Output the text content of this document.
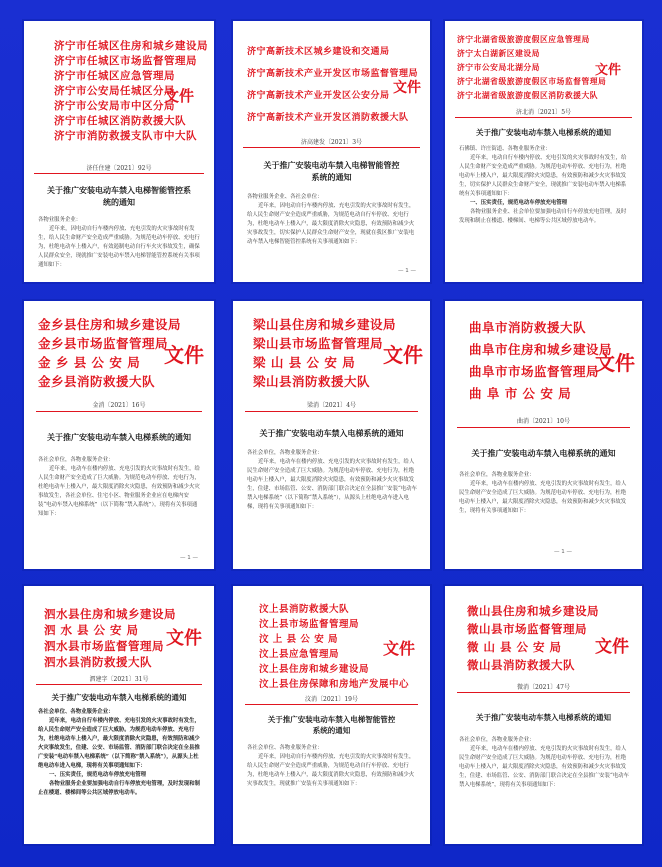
济宁市任城区住房和城乡建设局
济宁市任城区市场监督管理局
济宁市任城区应急管理局
济宁市公安局任城区分局
济宁市公安局市中区分局
济宁市任城区消防救援大队
济宁市消防救援支队市中大队
文件
济任住建〔2021〕92号
关于推广安装电动车禁入电梯智能管控系
统的通知

各物业服务企业：

近年来，因电动自行车楼内停放、充电引发的火灾事故时有发生，给人民生命财产安全造成严重威胁。为规范电动车停放、充电行为，杜绝电动车上楼入户，有效遏制电动自行车火灾事故发生，确保人民群众安全，现就推广安装电动车禁入电梯智能管控系统有关事项通知如下：

济宁高新技术区城乡建设和交通局
济宁高新技术产业开发区市场监督管理局
济宁高新技术产业开发区公安分局
济宁高新技术产业开发区消防救援大队
文件
济高建发〔2021〕3号
关于推广安装电动车禁入电梯智能管控
系统的通知

各物业服务企业、各社会单位：

近年来，因电动自行车楼内停放、充电引发的火灾事故时有发生，给人民生命财产安全造成严重威胁，为规范电动自行车停放、充电行为，杜绝电动车上楼入户，最大限度消除火灾隐患，有效预防和减少火灾事故发生，切实保护人民群众生命财产安全，现就在我区推广安装电动车禁入电梯智能管控系统有关事项通知如下：

— 1 —
济宁北湖省级旅游度假区应急管理局
济宁太白湖新区建设局
济宁市公安局北湖分局
济宁北湖省级旅游度假区市场监督管理局
济宁北湖省级旅游度假区消防救援大队
文件
济北消〔2021〕5号
关于推广安装电动车禁入电梯系统的通知

石佛镇、许庄街道、各物业服务企业：

近年来，电动自行车楼内停放、充电引发的火灾事故时有发生，给人民生命财产安全造成严重威胁。为规范电动车停放、充电行为，杜绝电动车上楼入户，最大限度消除火灾隐患，有效预防和减少火灾事故发生，切实保护人民群众生命财产安全，现就推广安装电动车禁入电梯系统有关事项通知如下：

一、压实责任，规范电动车停放充电管理

各物业服务企业、社会单位要加强电动自行车停放充电管理，及时发现和制止在楼道、楼梯间、电梯等公共区域停放电动车。

金乡县住房和城乡建设局
金乡县市场监督管理局
金 乡 县 公 安 局
金乡县消防救援大队
文件
金消〔2021〕16号
关于推广安装电动车禁入电梯系统的通知

各社会单位，各物业服务企业：

近年来，电动车在楼内停放、充电引发的火灾事故时有发生，给人民生命财产安全造成了巨大威胁。为规范电动车停放、充电行为，杜绝电动车上楼入户，最大限度消除火灾隐患，有效预防和减少火灾事故发生，各社会单位、住宅小区、物业服务企业应在电梯内安装“电动车禁入电梯系统”（以下简称“禁入系统”），现将有关事项通知如下：

— 1 —
梁山县住房和城乡建设局
梁山县市场监督管理局
梁 山 县 公 安 局
梁山县消防救援大队
文件
梁消〔2021〕4号
关于推广安装电动车禁入电梯系统的通知

各社会单位，各物业服务企业：

近年来，电动车在楼内停放、充电引发的火灾事故时有发生，给人民生命财产安全造成了巨大威胁。为规范电动车停放、充电行为，杜绝电动车上楼入户，最大限度消除火灾隐患，有效预防和减少火灾事故发生，住建、市场监管、公安、消防部门联合决定在全县推广安装“电动车禁入电梯系统”（以下简称“禁入系统”），从源头上杜绝电动车进入电梯，现将有关事项通知如下：

曲阜市消防救援大队
曲阜市住房和城乡建设局
曲阜市市场监督管理局
曲 阜 市 公 安 局
文件
曲消〔2021〕10号
关于推广安装电动车禁入电梯系统的通知

各社会单位，各物业服务企业：

近年来，电动车在楼内停放、充电引发的火灾事故时有发生，给人民生命财产安全造成了巨大威胁。为规范电动车停放、充电行为，杜绝电动车上楼入户，最大限度消除火灾隐患，有效预防和减少火灾事故发生，现将有关事项通知如下：

— 1 —
泗水县住房和城乡建设局
泗 水 县 公 安 局
泗水县市场监督管理局
泗水县消防救援大队
文件
泗建字〔2021〕31号
关于推广安装电动车禁入电梯系统的通知

各社会单位、各物业服务企业：

近年来，电动自行车楼内停放、充电引发的火灾事故时有发生，给人民生命财产安全造成了巨大威胁。为规范电动车停放、充电行为，杜绝电动车上楼入户，最大限度消除火灾隐患，有效预防和减少火灾事故发生，住建、公安、市场监管、消防部门联合决定在全县推广安装“电动车禁入电梯系统”（以下简称“禁入系统”），从源头上杜绝电动车进入电梯，现将有关事项通知如下：

一、压实责任，规范电动车停放充电管理

各物业服务企业要加强电动自行车停放充电管理，及时发现和制止在楼道、楼梯间等公共区域停放电动车。

汶上县消防救援大队
汶上县市场监督管理局
汶 上 县 公 安 局
汶上县应急管理局
汶上县住房和城乡建设局
汶上县住房保障和房地产发展中心
文件
汶消〔2021〕19号
关于推广安装电动车禁入电梯智能管控
系统的通知

各社会单位、各物业服务企业：

近年来，因电动自行车楼内停放、充电引发的火灾事故时有发生，给人民生命财产安全造成严重威胁，为规范电动自行车停放、充电行为，杜绝电动车上楼入户，最大限度消除火灾隐患，有效预防和减少火灾事故发生，现就推广安装有关事项通知如下：

微山县住房和城乡建设局
微山县市场监督管理局
微 山 县 公 安 局
微山县消防救援大队
文件
微消〔2021〕47号
关于推广安装电动车禁入电梯系统的通知

各社会单位，各物业服务企业：

近年来，电动车在楼内停放、充电引发的火灾事故时有发生，给人民生命财产安全造成了巨大威胁。为规范电动车停放、充电行为，杜绝电动车上楼入户，最大限度消除火灾隐患，有效预防和减少火灾事故发生，住建、市场监管、公安、消防部门联合决定在全县推广安装“电动车禁入电梯系统”，现将有关事项通知如下：
